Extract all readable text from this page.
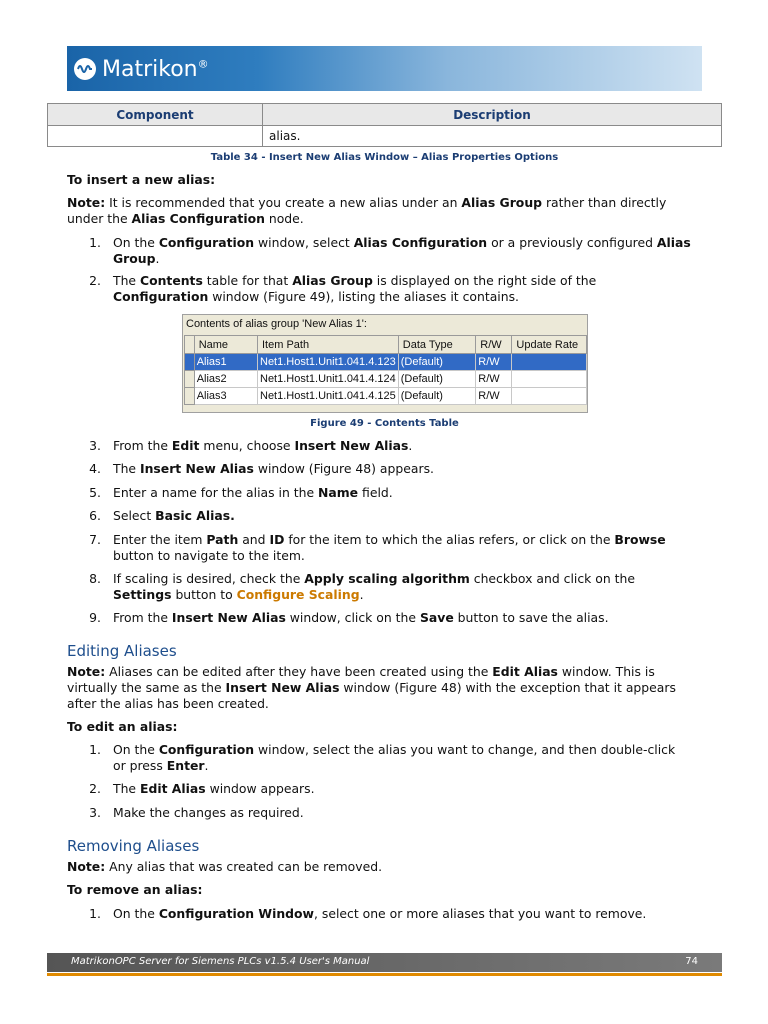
Matrikon®
Component	Description
	alias.
Table 34 - Insert New Alias Window – Alias Properties Options
To insert a new alias:
Note: It is recommended that you create a new alias under an Alias Group rather than directly
under the Alias Configuration node.
1. On the Configuration window, select Alias Configuration or a previously configured Alias
Group.
2. The Contents table for that Alias Group is displayed on the right side of the
Configuration window (Figure 49), listing the aliases it contains.
Contents of alias group 'New Alias 1':
	Name	Item Path	Data Type	R/W	Update Rate
	Alias1	Net1.Host1.Unit1.041.4.123	(Default)	R/W	
	Alias2	Net1.Host1.Unit1.041.4.124	(Default)	R/W	
	Alias3	Net1.Host1.Unit1.041.4.125	(Default)	R/W	
Figure 49 - Contents Table
3. From the Edit menu, choose Insert New Alias.
4. The Insert New Alias window (Figure 48) appears.
5. Enter a name for the alias in the Name field.
6. Select Basic Alias.
7. Enter the item Path and ID for the item to which the alias refers, or click on the Browse
button to navigate to the item.
8. If scaling is desired, check the Apply scaling algorithm checkbox and click on the
Settings button to Configure Scaling.
9. From the Insert New Alias window, click on the Save button to save the alias.
Editing Aliases
Note: Aliases can be edited after they have been created using the Edit Alias window. This is
virtually the same as the Insert New Alias window (Figure 48) with the exception that it appears
after the alias has been created.
To edit an alias:
1. On the Configuration window, select the alias you want to change, and then double-click
or press Enter.
2. The Edit Alias window appears.
3. Make the changes as required.
Removing Aliases
Note: Any alias that was created can be removed.
To remove an alias:
1. On the Configuration Window, select one or more aliases that you want to remove.
MatrikonOPC Server for Siemens PLCs v1.5.4 User's Manual	74
